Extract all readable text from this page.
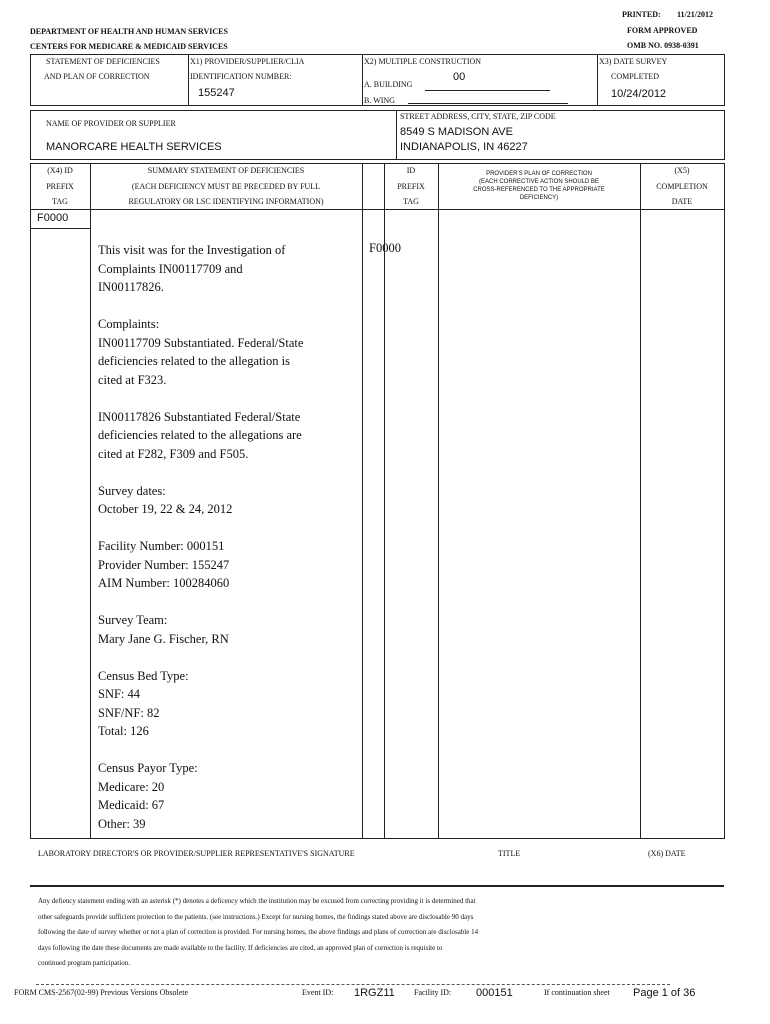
PRINTED: 11/21/2012
DEPARTMENT OF HEALTH AND HUMAN SERVICES	FORM APPROVED
CENTERS FOR MEDICARE & MEDICAID SERVICES	OMB NO. 0938-0391
STATEMENT OF DEFICIENCIES
AND PLAN OF CORRECTION
X1) PROVIDER/SUPPLIER/CLIA
IDENTIFICATION NUMBER:
155247
X2) MULTIPLE CONSTRUCTION
A. BUILDING
00
B. WING
X3) DATE SURVEY
COMPLETED
10/24/2012
NAME OF PROVIDER OR SUPPLIER
MANORCARE HEALTH SERVICES
STREET ADDRESS, CITY, STATE, ZIP CODE
8549 S MADISON AVE
INDIANAPOLIS, IN 46227
(X4) ID
PREFIX
TAG
SUMMARY STATEMENT OF DEFICIENCIES
(EACH DEFICIENCY MUST BE PRECEDED BY FULL
REGULATORY OR LSC IDENTIFYING INFORMATION)
ID
PREFIX
TAG
PROVIDER'S PLAN OF CORRECTION
(EACH CORRECTIVE ACTION SHOULD BE
CROSS-REFERENCED TO THE APPROPRIATE
DEFICIENCY)
(X5)
COMPLETION
DATE
F0000
F0000

This visit was for the Investigation of
Complaints IN00117709 and
IN00117826.

Complaints:
IN00117709 Substantiated. Federal/State
deficiencies related to the allegation is
cited at F323.

IN00117826 Substantiated Federal/State
deficiencies related to the allegations are
cited at F282, F309 and F505.

Survey dates:
October 19, 22 & 24, 2012

Facility Number: 000151
Provider Number: 155247
AIM Number: 100284060

Survey Team:
Mary Jane G. Fischer, RN

Census Bed Type:
SNF: 44
SNF/NF: 82
Total: 126

Census Payor Type:
Medicare: 20
Medicaid: 67
Other: 39

LABORATORY DIRECTOR'S OR PROVIDER/SUPPLIER REPRESENTATIVE'S SIGNATURE	TITLE	(X6) DATE
Any defiency statement ending with an asterisk (*) denotes a deficency which the institution may be excused from correcting providing it is determined that
other safeguards provide sufficient protection to the patients. (see instructions.) Except for nursing homes, the findings stated above are disclosable 90 days
following the date of survey whether or not a plan of correction is provided. For nursing homes, the above findings and plans of correction are disclosable 14
days following the date these documents are made available to the facility. If deficiencies are cited, an approved plan of correction is requisite to
continued program participation.
FORM CMS-2567(02-99) Previous Versions Obsolete	Event ID: 1RGZ11 Facility ID: 000151	If continuation sheet Page 1 of 36
